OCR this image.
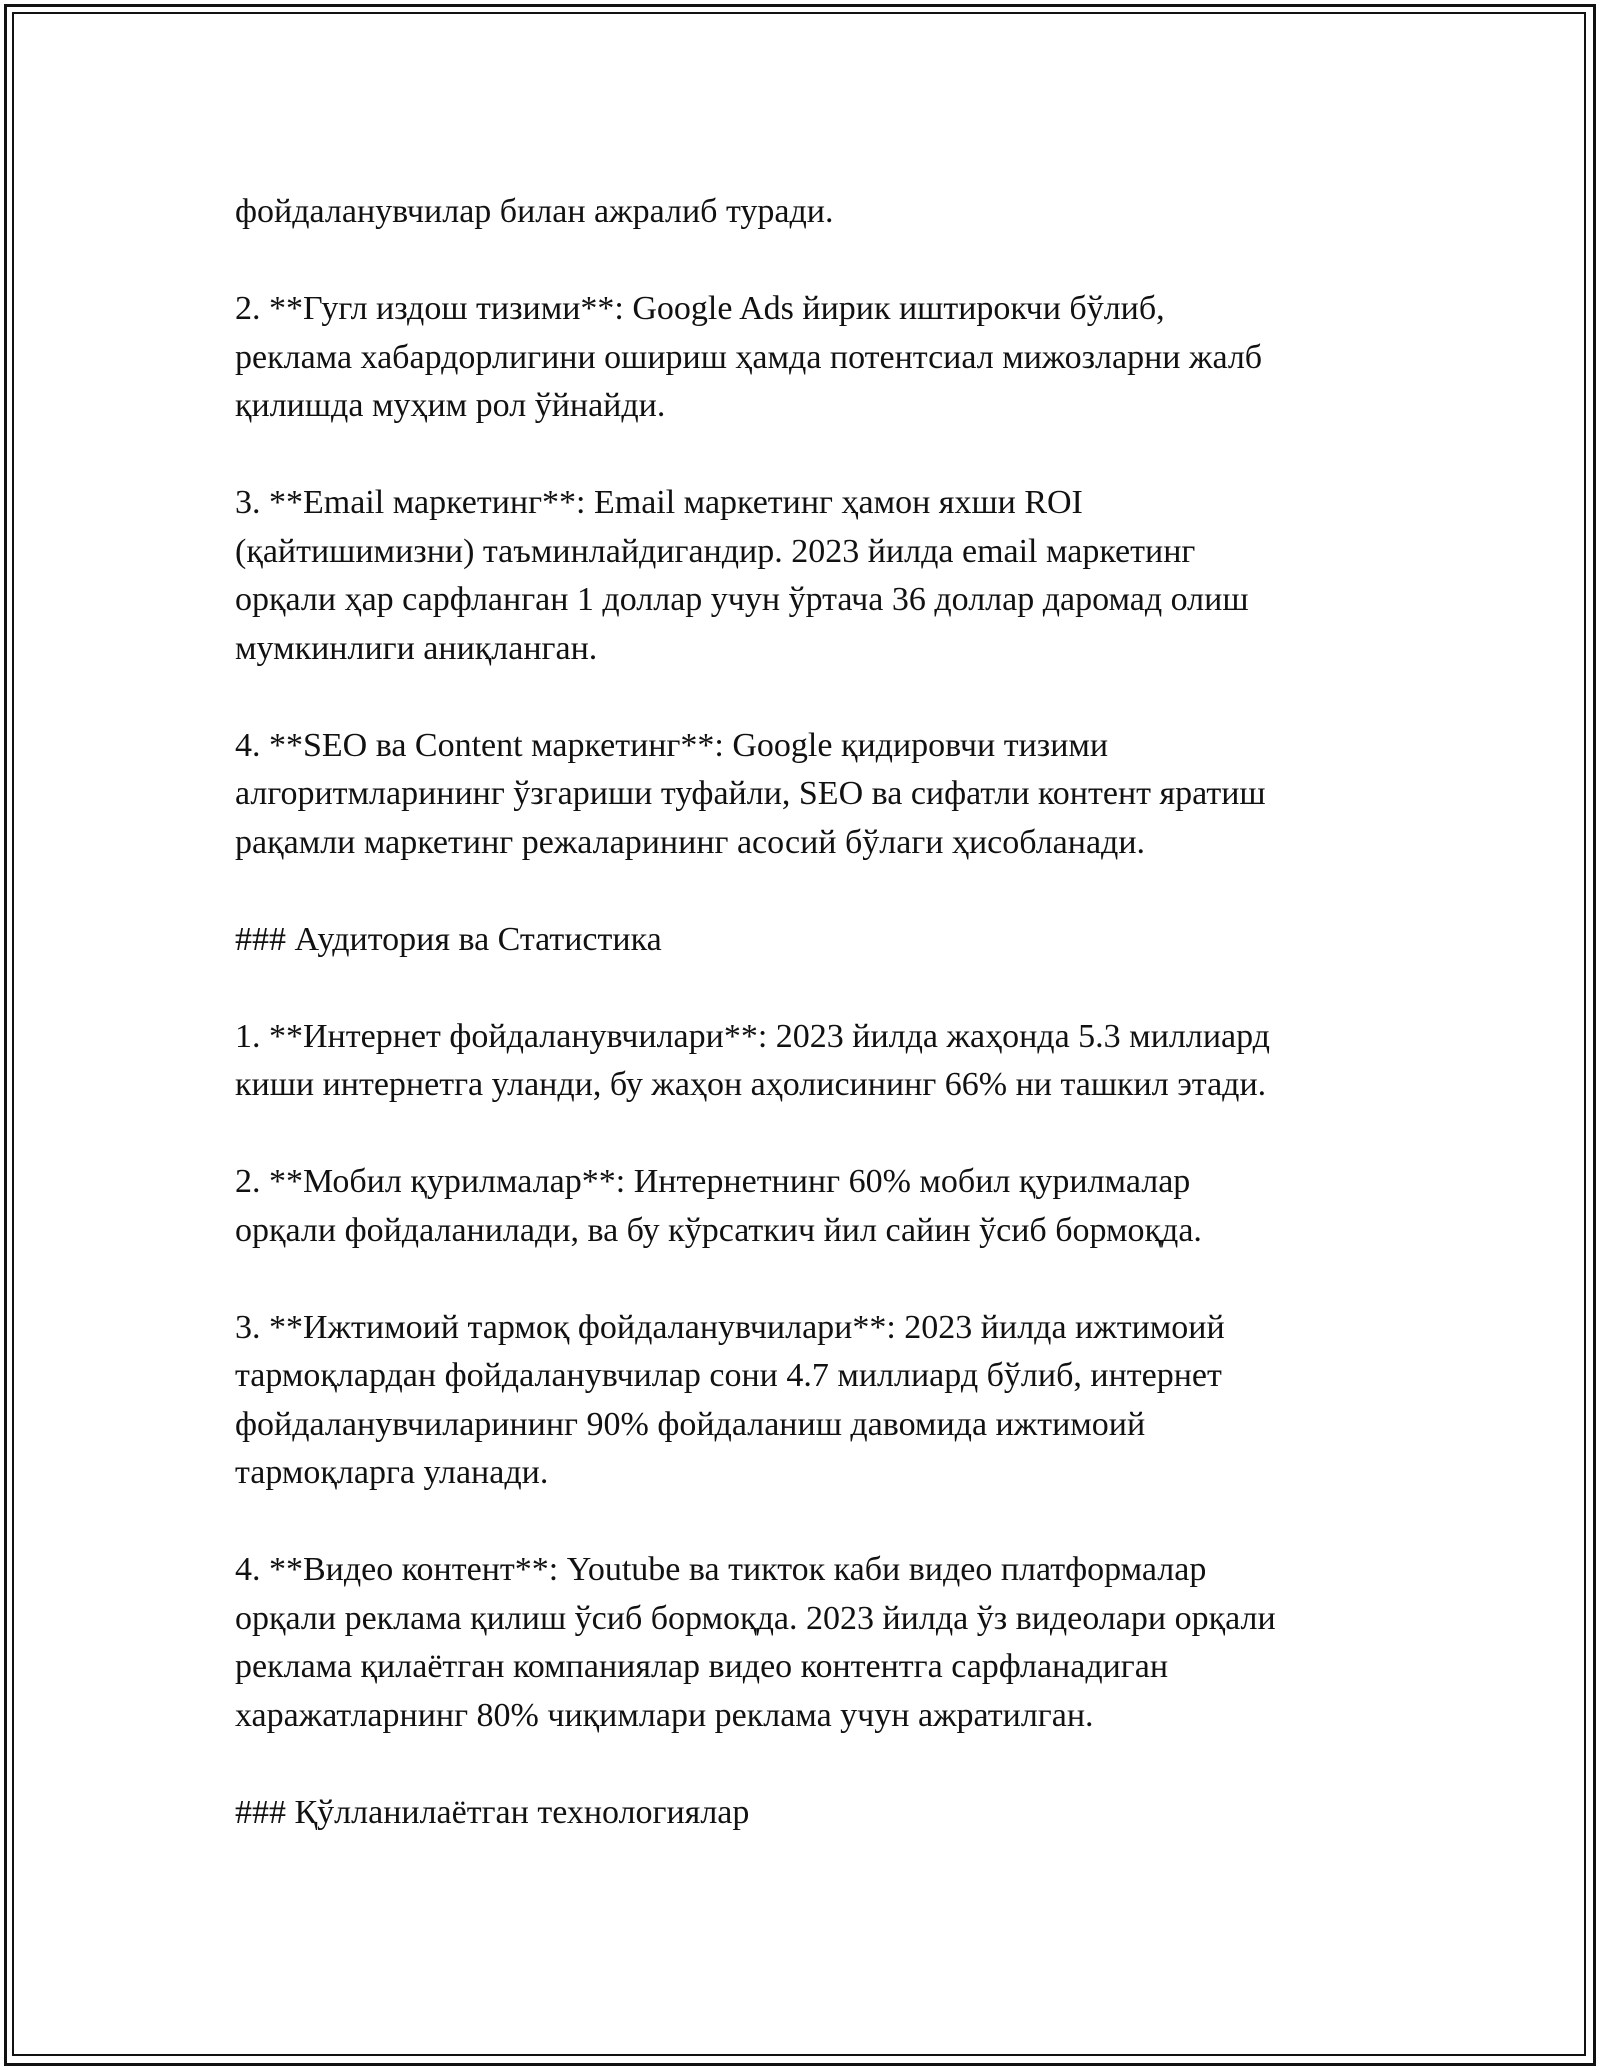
фойдаланувчилар билан ажралиб туради.

2. **Гугл издош тизими**: Google Ads йирик иштирокчи бўлиб,
реклама хабардорлигини ошириш ҳамда потентсиал мижозларни жалб
қилишда муҳим рол ўйнайди.

3. **Email маркетинг**: Email маркетинг ҳамон яхши ROI
(қайтишимизни) таъминлайдигандир. 2023 йилда email маркетинг
орқали ҳар сарфланган 1 доллар учун ўртача 36 доллар даромад олиш
мумкинлиги аниқланган.

4. **SEO ва Content маркетинг**: Google қидировчи тизими
алгоритмларининг ўзгариши туфайли, SEO ва сифатли контент яратиш
рақамли маркетинг режаларининг асосий бўлаги ҳисобланади.

### Аудитория ва Статистика

1. **Интернет фойдаланувчилари**: 2023 йилда жаҳонда 5.3 миллиард
киши интернетга уланди, бу жаҳон аҳолисининг 66% ни ташкил этади.

2. **Мобил қурилмалар**: Интернетнинг 60% мобил қурилмалар
орқали фойдаланилади, ва бу кўрсаткич йил сайин ўсиб бормоқда.

3. **Ижтимоий тармоқ фойдаланувчилари**: 2023 йилда ижтимоий
тармоқлардан фойдаланувчилар сони 4.7 миллиард бўлиб, интернет
фойдаланувчиларининг 90% фойдаланиш давомида ижтимоий
тармоқларга уланади.

4. **Видео контент**: Youtube ва тикток каби видео платформалар
орқали реклама қилиш ўсиб бормоқда. 2023 йилда ўз видеолари орқали
реклама қилаётган компаниялар видео контентга сарфланадиган
харажатларнинг 80% чиқимлари реклама учун ажратилган.

### Қўлланилаётган технологиялар
